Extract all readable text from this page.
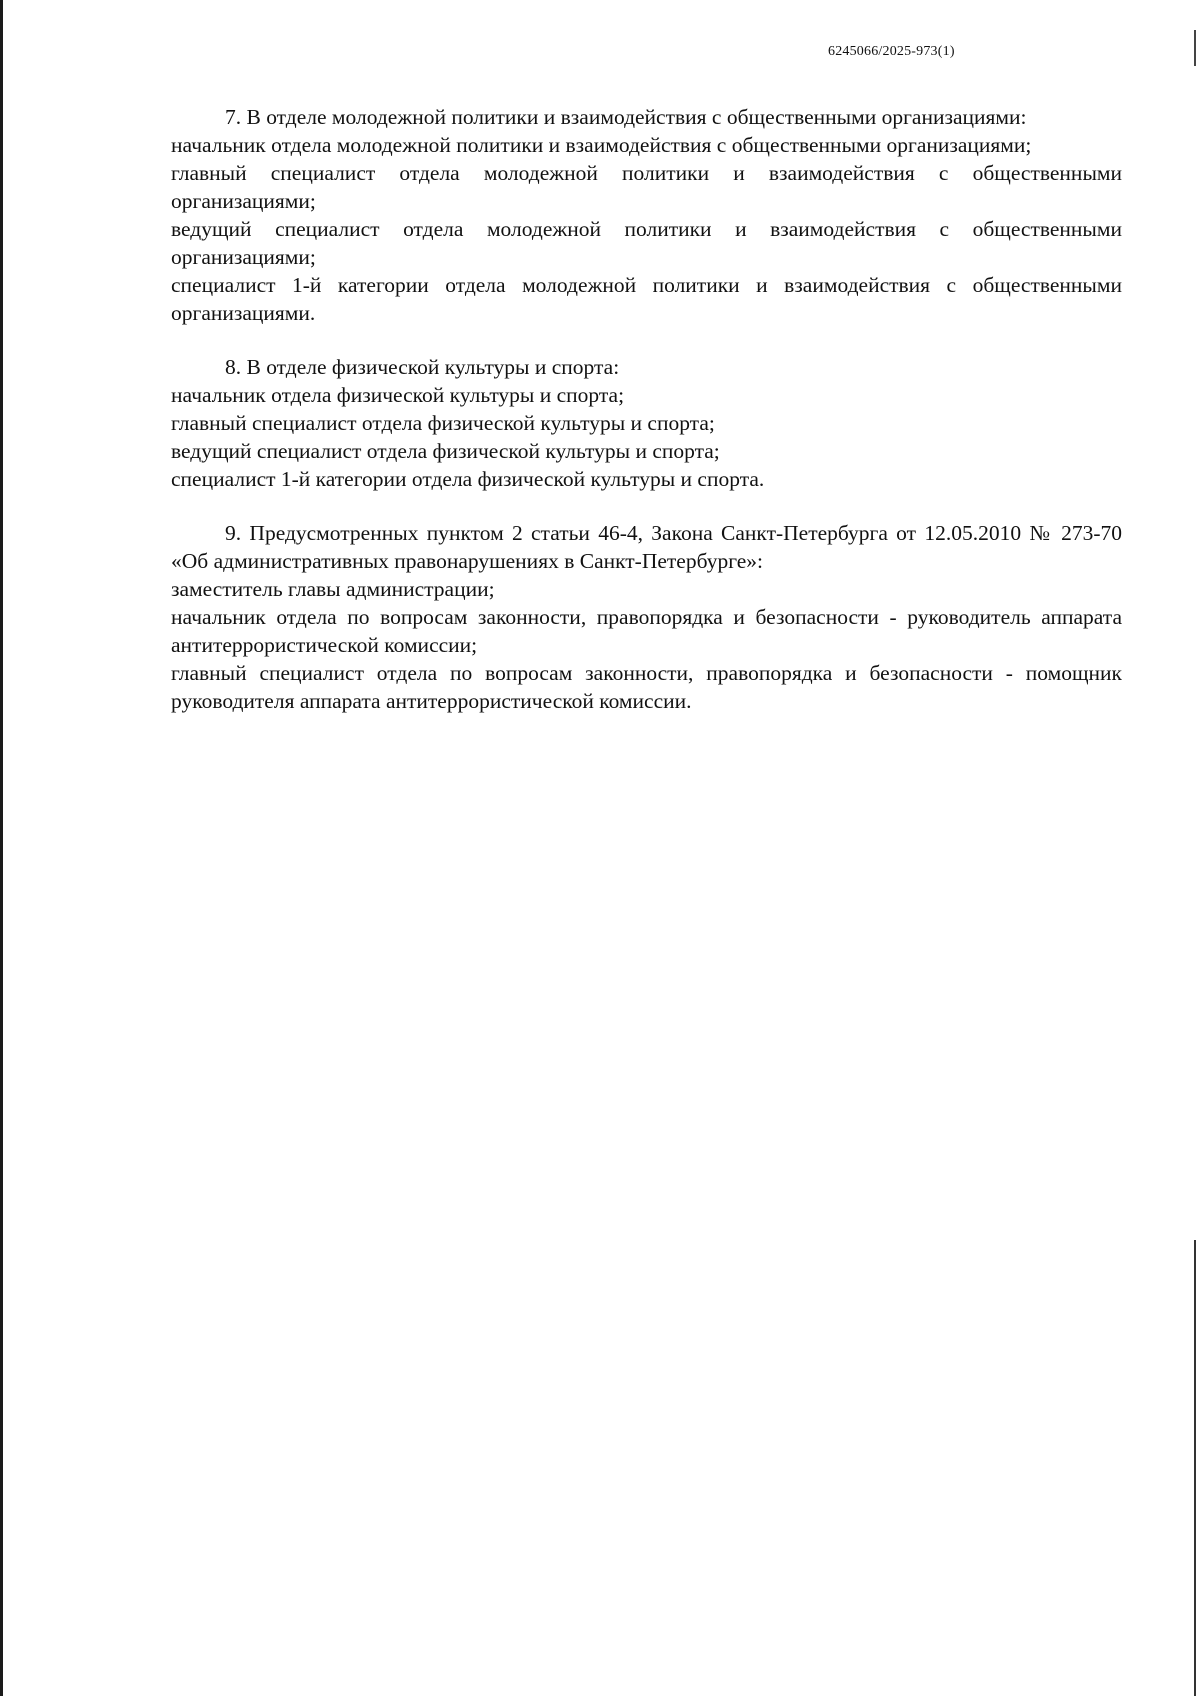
6245066/2025-973(1)

7. В отделе молодежной политики и взаимодействия с общественными организациями:

начальник отдела молодежной политики и взаимодействия с общественными организациями;

главный специалист отдела молодежной политики и взаимодействия с общественными организациями;

ведущий специалист отдела молодежной политики и взаимодействия с общественными организациями;

специалист 1-й категории отдела молодежной политики и взаимодействия с общественными организациями.

8. В отделе физической культуры и спорта:

начальник отдела физической культуры и спорта;

главный специалист отдела физической культуры и спорта;

ведущий специалист отдела физической культуры и спорта;

специалист 1-й категории отдела физической культуры и спорта.

9. Предусмотренных пунктом 2 статьи 46-4, Закона Санкт-Петербурга от 12.05.2010 № 273-70 «Об административных правонарушениях в Санкт-Петербурге»:

заместитель главы администрации;

начальник отдела по вопросам законности, правопорядка и безопасности - руководитель аппарата антитеррористической комиссии;

главный специалист отдела по вопросам законности, правопорядка и безопасности - помощник руководителя аппарата антитеррористической комиссии.
